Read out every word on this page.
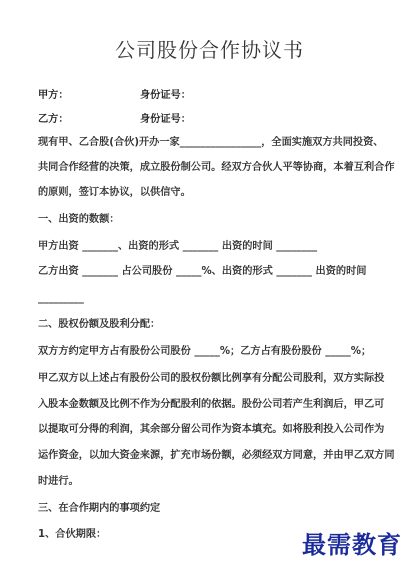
公司股份合作协议书
甲方：	身份证号：
乙方：	身份证号：
现有甲、乙合股(合伙)开办一家________________，全面实施双方共同投资、
共同合作经营的决策，成立股份制公司。经双方合伙人平等协商，本着互利合作
的原则，签订本协议，以供信守。
一、出资的数额：
甲方出资 _______、出资的形式 _______ 出资的时间 ________
乙方出资 _______ 占公司股份 _____%、出资的形式 _______ 出资的时间
_________
二、股权份额及股利分配：
双方方约定甲方占有股份公司股份 _____%；乙方占有股份股份 _____%；
甲乙双方以上述占有股份公司的股权份额比例享有分配公司股利，双方实际投
入股本金数额及比例不作为分配股利的依据。股份公司若产生利润后，甲乙可
以提取可分得的利润，其余部分留公司作为资本填充。如将股利投入公司作为
运作资金，以加大资金来源，扩充市场份额，必须经双方同意，并由甲乙双方同
时进行。
三、在合作期内的事项约定
1、合伙期限：	最需教育
